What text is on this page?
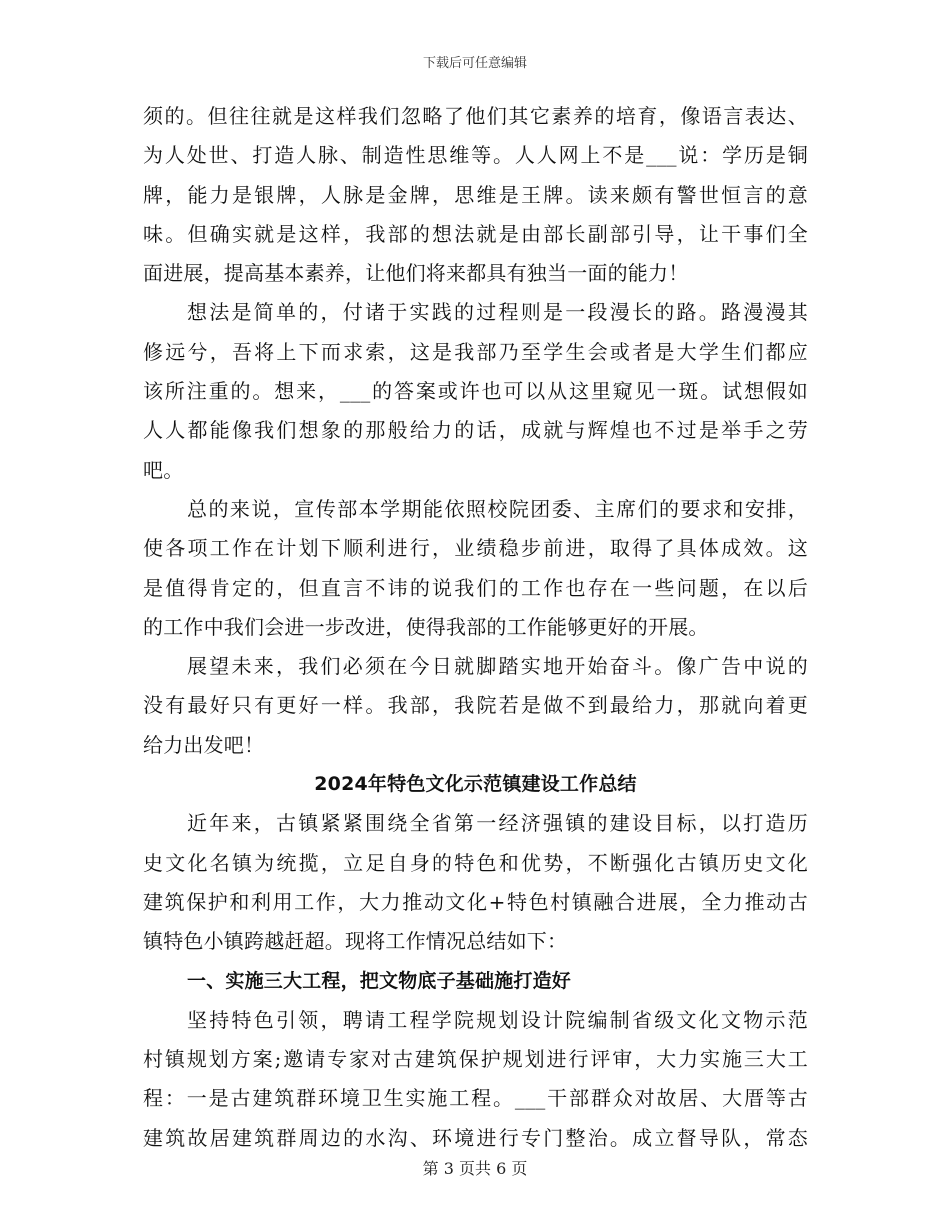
下载后可任意编辑
须的。但往往就是这样我们忽略了他们其它素养的培育，像语言表达、
为人处世、打造人脉、制造性思维等。人人网上不是___说：学历是铜
牌，能力是银牌，人脉是金牌，思维是王牌。读来颇有警世恒言的意
味。但确实就是这样，我部的想法就是由部长副部引导，让干事们全
面进展，提高基本素养，让他们将来都具有独当一面的能力！
想法是简单的，付诸于实践的过程则是一段漫长的路。路漫漫其
修远兮，吾将上下而求索，这是我部乃至学生会或者是大学生们都应
该所注重的。想来，___的答案或许也可以从这里窥见一斑。试想假如
人人都能像我们想象的那般给力的话，成就与辉煌也不过是举手之劳
吧。
总的来说，宣传部本学期能依照校院团委、主席们的要求和安排，
使各项工作在计划下顺利进行，业绩稳步前进，取得了具体成效。这
是值得肯定的，但直言不讳的说我们的工作也存在一些问题，在以后
的工作中我们会进一步改进，使得我部的工作能够更好的开展。
展望未来，我们必须在今日就脚踏实地开始奋斗。像广告中说的
没有最好只有更好一样。我部，我院若是做不到最给力，那就向着更
给力出发吧！
2024年特色文化示范镇建设工作总结
近年来，古镇紧紧围绕全省第一经济强镇的建设目标，以打造历
史文化名镇为统揽，立足自身的特色和优势，不断强化古镇历史文化
建筑保护和利用工作，大力推动文化+特色村镇融合进展，全力推动古
镇特色小镇跨越赶超。现将工作情况总结如下：
一、实施三大工程，把文物底子基础施打造好
坚持特色引领，聘请工程学院规划设计院编制省级文化文物示范
村镇规划方案;邀请专家对古建筑保护规划进行评审，大力实施三大工
程：一是古建筑群环境卫生实施工程。___干部群众对故居、大厝等古
建筑故居建筑群周边的水沟、环境进行专门整治。成立督导队，常态
第 3 页共 6 页
